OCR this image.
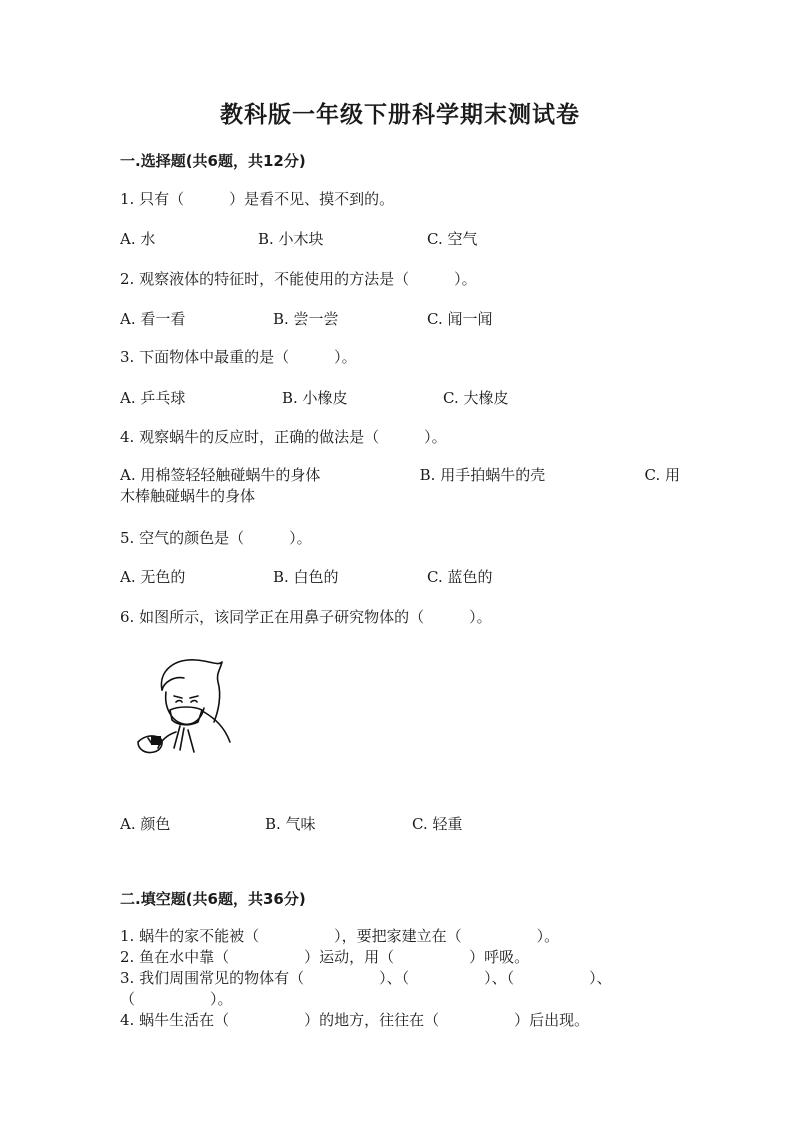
教科版一年级下册科学期末测试卷
一.选择题(共6题，共12分)
1. 只有（　　　）是看不见、摸不到的。
A. 水	B. 小木块	C. 空气
2. 观察液体的特征时，不能使用的方法是（　　　）。
A. 看一看	B. 尝一尝	C. 闻一闻
3. 下面物体中最重的是（　　　）。
A. 乒乓球	B. 小橡皮	C. 大橡皮
4. 观察蜗牛的反应时，正确的做法是（　　　）。
A. 用棉签轻轻触碰蜗牛的身体	B. 用手拍蜗牛的壳	C. 用
木棒触碰蜗牛的身体
5. 空气的颜色是（　　　）。
A. 无色的	B. 白色的	C. 蓝色的
6. 如图所示，该同学正在用鼻子研究物体的（　　　）。
A. 颜色	B. 气味	C. 轻重
二.填空题(共6题，共36分)
1. 蜗牛的家不能被（　　　　　），要把家建立在（　　　　　）。
2. 鱼在水中靠（　　　　　）运动，用（　　　　　）呼吸。
3. 我们周围常见的物体有（　　　　　）、（　　　　　）、（　　　　　）、
（　　　　　）。
4. 蜗牛生活在（　　　　　）的地方，往往在（　　　　　）后出现。
